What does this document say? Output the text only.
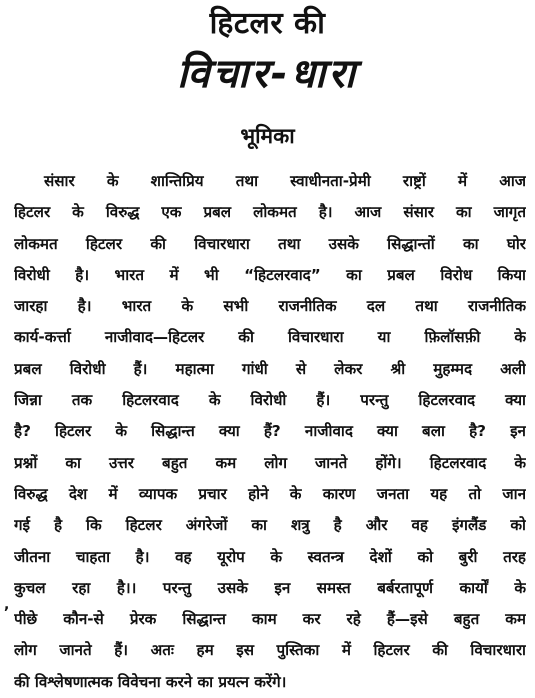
हिटलर की
विचार-धारा
भूमिका
संसार के शान्तिप्रिय तथा स्वाधीनता-प्रेमी राष्ट्रों में आज
हिटलर के विरुद्ध एक प्रबल लोकमत है। आज संसार का जागृत
लोकमत हिटलर की विचारधारा तथा उसके सिद्धान्तों का घोर
विरोधी है। भारत में भी “हिटलरवाद” का प्रबल विरोध किया
जारहा है। भारत के सभी राजनीतिक दल तथा राजनीतिक
कार्य-कर्त्ता नाजीवाद—हिटलर की विचारधारा या फ़िलॉसफ़ी के
प्रबल विरोधी हैं। महात्मा गांधी से लेकर श्री मुहम्मद अली
जिन्ना तक हिटलरवाद के विरोधी हैं। परन्तु हिटलरवाद क्या
है? हिटलर के सिद्धान्त क्या हैं? नाजीवाद क्या बला है? इन
प्रश्नों का उत्तर बहुत कम लोग जानते होंगे। हिटलरवाद के
विरुद्ध देश में व्यापक प्रचार होने के कारण जनता यह तो जान
गई है कि हिटलर अंगरेजों का शत्रु है और वह इंगलैंड को
जीतना चाहता है। वह यूरोप के स्वतन्त्र देशों को बुरी तरह
कुचल रहा है।। परन्तु उसके इन समस्त बर्बरतापूर्ण कार्यों के
पीछे कौन-से प्रेरक सिद्धान्त काम कर रहे हैं—इसे बहुत कम
लोग जानते हैं। अतः हम इस पुस्तिका में हिटलर की विचारधारा
की विश्लेषणात्मक विवेचना करने का प्रयत्न करेंगे।
,
